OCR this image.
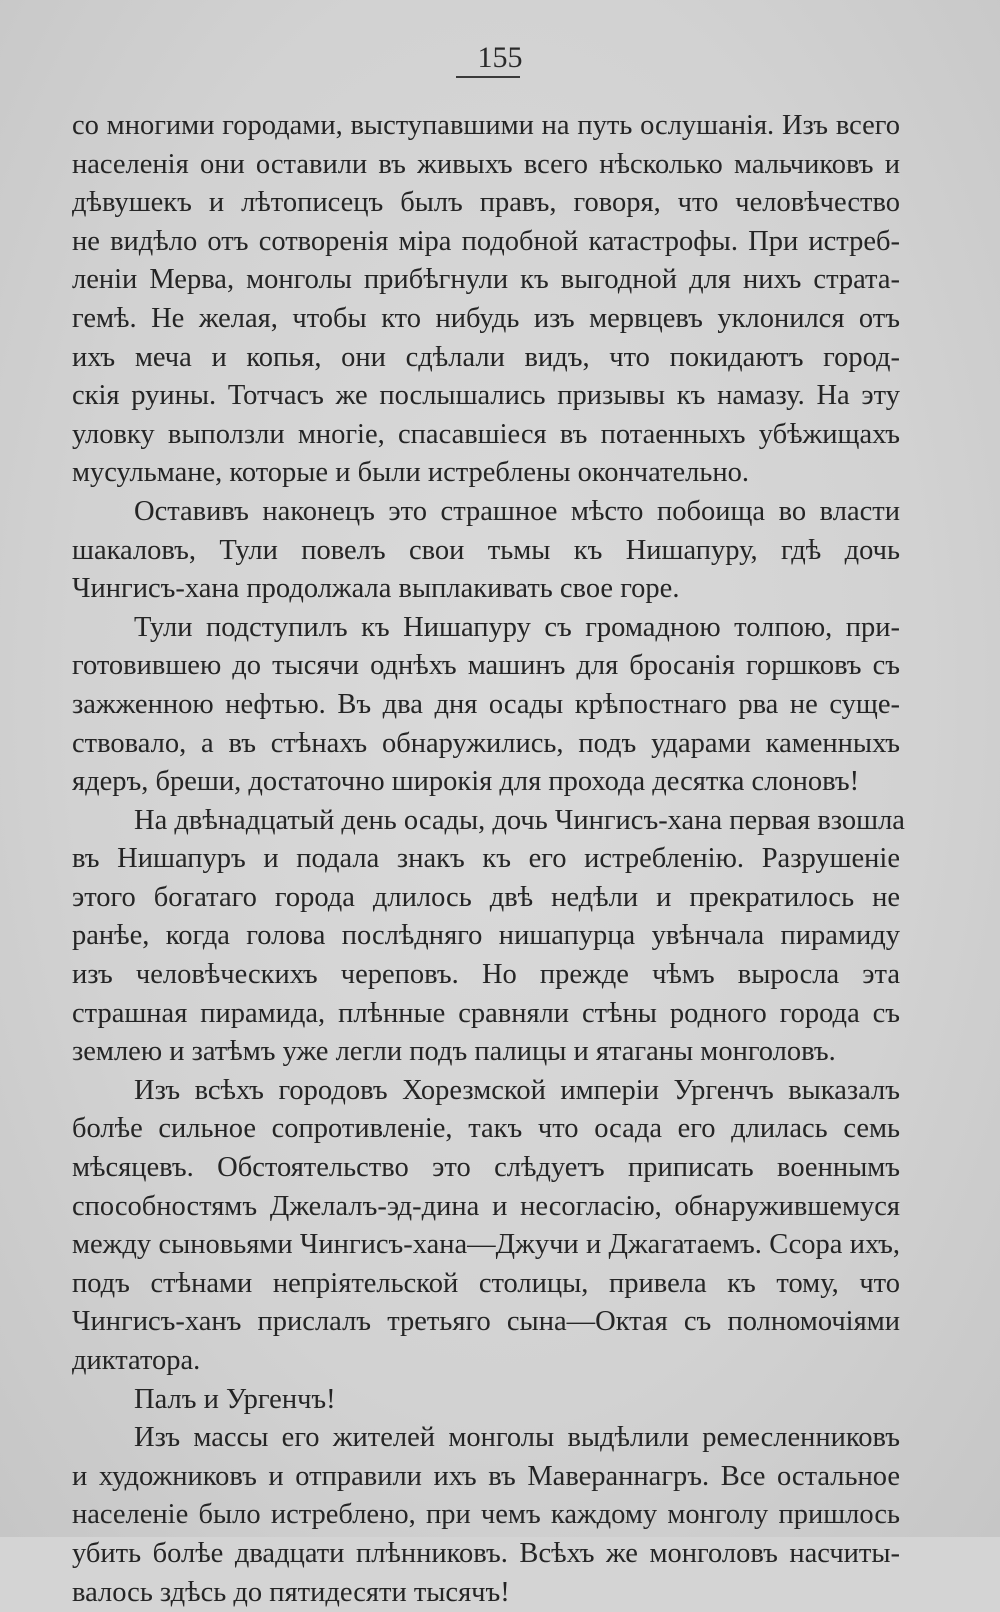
155
со многими городами, выступавшими на путь ослушанія. Изъ всего
населенія они оставили въ живыхъ всего нѣсколько мальчиковъ и
дѣвушекъ и лѣтописецъ былъ правъ, говоря, что человѣчество
не видѣло отъ сотворенія міра подобной катастрофы. При истреб-
леніи Мерва, монголы прибѣгнули къ выгодной для нихъ страта-
гемѣ. Не желая, чтобы кто нибудь изъ мервцевъ уклонился отъ
ихъ меча и копья, они сдѣлали видъ, что покидаютъ город-
скія руины. Тотчасъ же послышались призывы къ намазу. На эту
уловку выползли многіе, спасавшіеся въ потаенныхъ убѣжищахъ
мусульмане, которые и были истреблены окончательно.
Оставивъ наконецъ это страшное мѣсто побоища во власти
шакаловъ, Тули повелъ свои тьмы къ Нишапуру, гдѣ дочь
Чингисъ-хана продолжала выплакивать свое горе.
Тули подступилъ къ Нишапуру съ громадною толпою, при-
готовившею до тысячи однѣхъ машинъ для бросанія горшковъ съ
зажженною нефтью. Въ два дня осады крѣпостнаго рва не суще-
ствовало, а въ стѣнахъ обнаружились, подъ ударами каменныхъ
ядеръ, бреши, достаточно широкія для прохода десятка слоновъ!
На двѣнадцатый день осады, дочь Чингисъ-хана первая взошла
въ Нишапуръ и подала знакъ къ его истребленію. Разрушеніе
этого богатаго города длилось двѣ недѣли и прекратилось не
ранѣе, когда голова послѣдняго нишапурца увѣнчала пирамиду
изъ человѣческихъ череповъ. Но прежде чѣмъ выросла эта
страшная пирамида, плѣнные сравняли стѣны родного города съ
землею и затѣмъ уже легли подъ палицы и ятаганы монголовъ.
Изъ всѣхъ городовъ Хорезмской имперіи Ургенчъ выказалъ
болѣе сильное сопротивленіе, такъ что осада его длилась семь
мѣсяцевъ. Обстоятельство это слѣдуетъ приписать военнымъ
способностямъ Джелалъ-эд-дина и несогласію, обнаружившемуся
между сыновьями Чингисъ-хана—Джучи и Джагатаемъ. Ссора ихъ,
подъ стѣнами непріятельской столицы, привела къ тому, что
Чингисъ-ханъ прислалъ третьяго сына—Октая съ полномочіями
диктатора.
Палъ и Ургенчъ!
Изъ массы его жителей монголы выдѣлили ремесленниковъ
и художниковъ и отправили ихъ въ Мавераннагръ. Все остальное
населеніе было истреблено, при чемъ каждому монголу пришлось
убить болѣе двадцати плѣнниковъ. Всѣхъ же монголовъ насчиты-
валось здѣсь до пятидесяти тысячъ!
